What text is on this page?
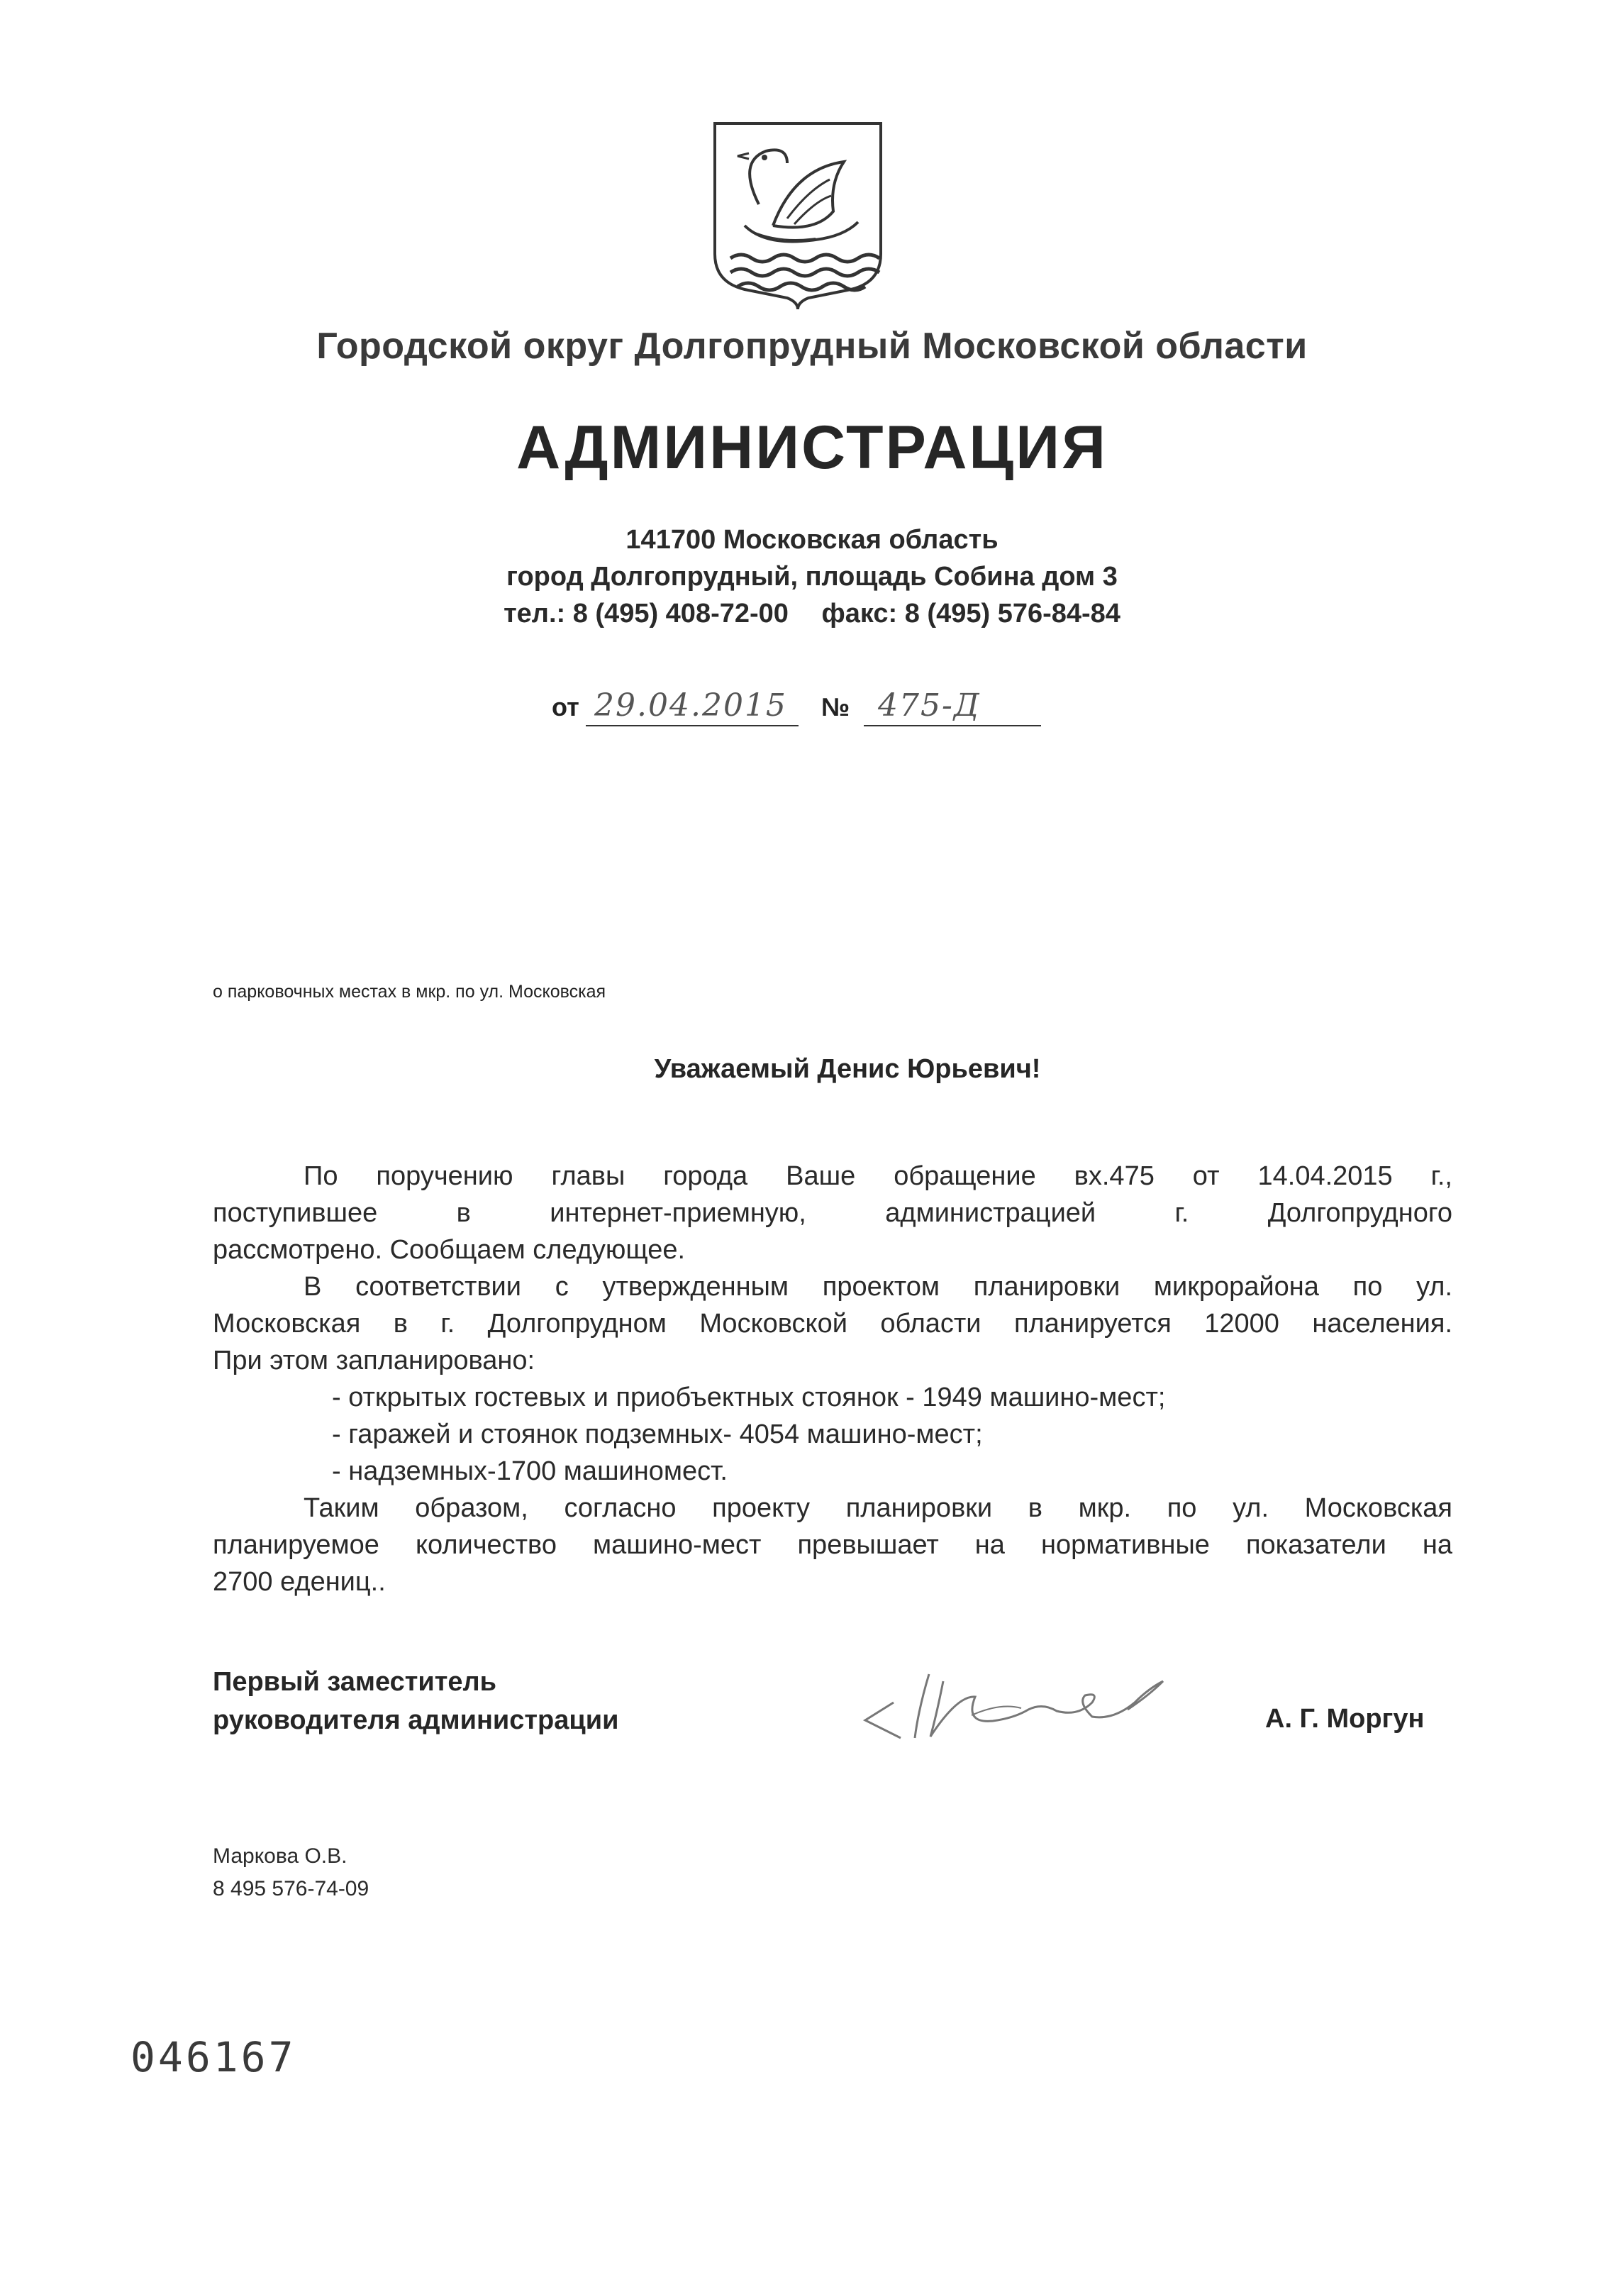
Городской округ Долгопрудный Московской области
АДМИНИСТРАЦИЯ
141700 Московская область
город Долгопрудный, площадь Собина дом 3
тел.: 8 (495) 408-72-00 факс: 8 (495) 576-84-84
от 29.04.2015 № 475-Д
о парковочных местах в мкр. по ул. Московская
Уважаемый Денис Юрьевич!
По поручению главы города Ваше обращение вх.475 от 14.04.2015 г.,
поступившее в интернет-приемную, администрацией г. Долгопрудного
рассмотрено. Сообщаем следующее.
В соответствии с утвержденным проектом планировки микрорайона по ул.
Московская в г. Долгопрудном Московской области планируется 12000 населения.
При этом запланировано:
- открытых гостевых и приобъектных стоянок - 1949 машино-мест;
- гаражей и стоянок подземных- 4054 машино-мест;
- надземных-1700 машиномест.
Таким образом, согласно проекту планировки в мкр. по ул. Московская
планируемое количество машино-мест превышает на нормативные показатели на
2700 едениц..
Первый заместитель
руководителя администрации	А. Г. Моргун
Маркова О.В.
8 495 576-74-09
046167
